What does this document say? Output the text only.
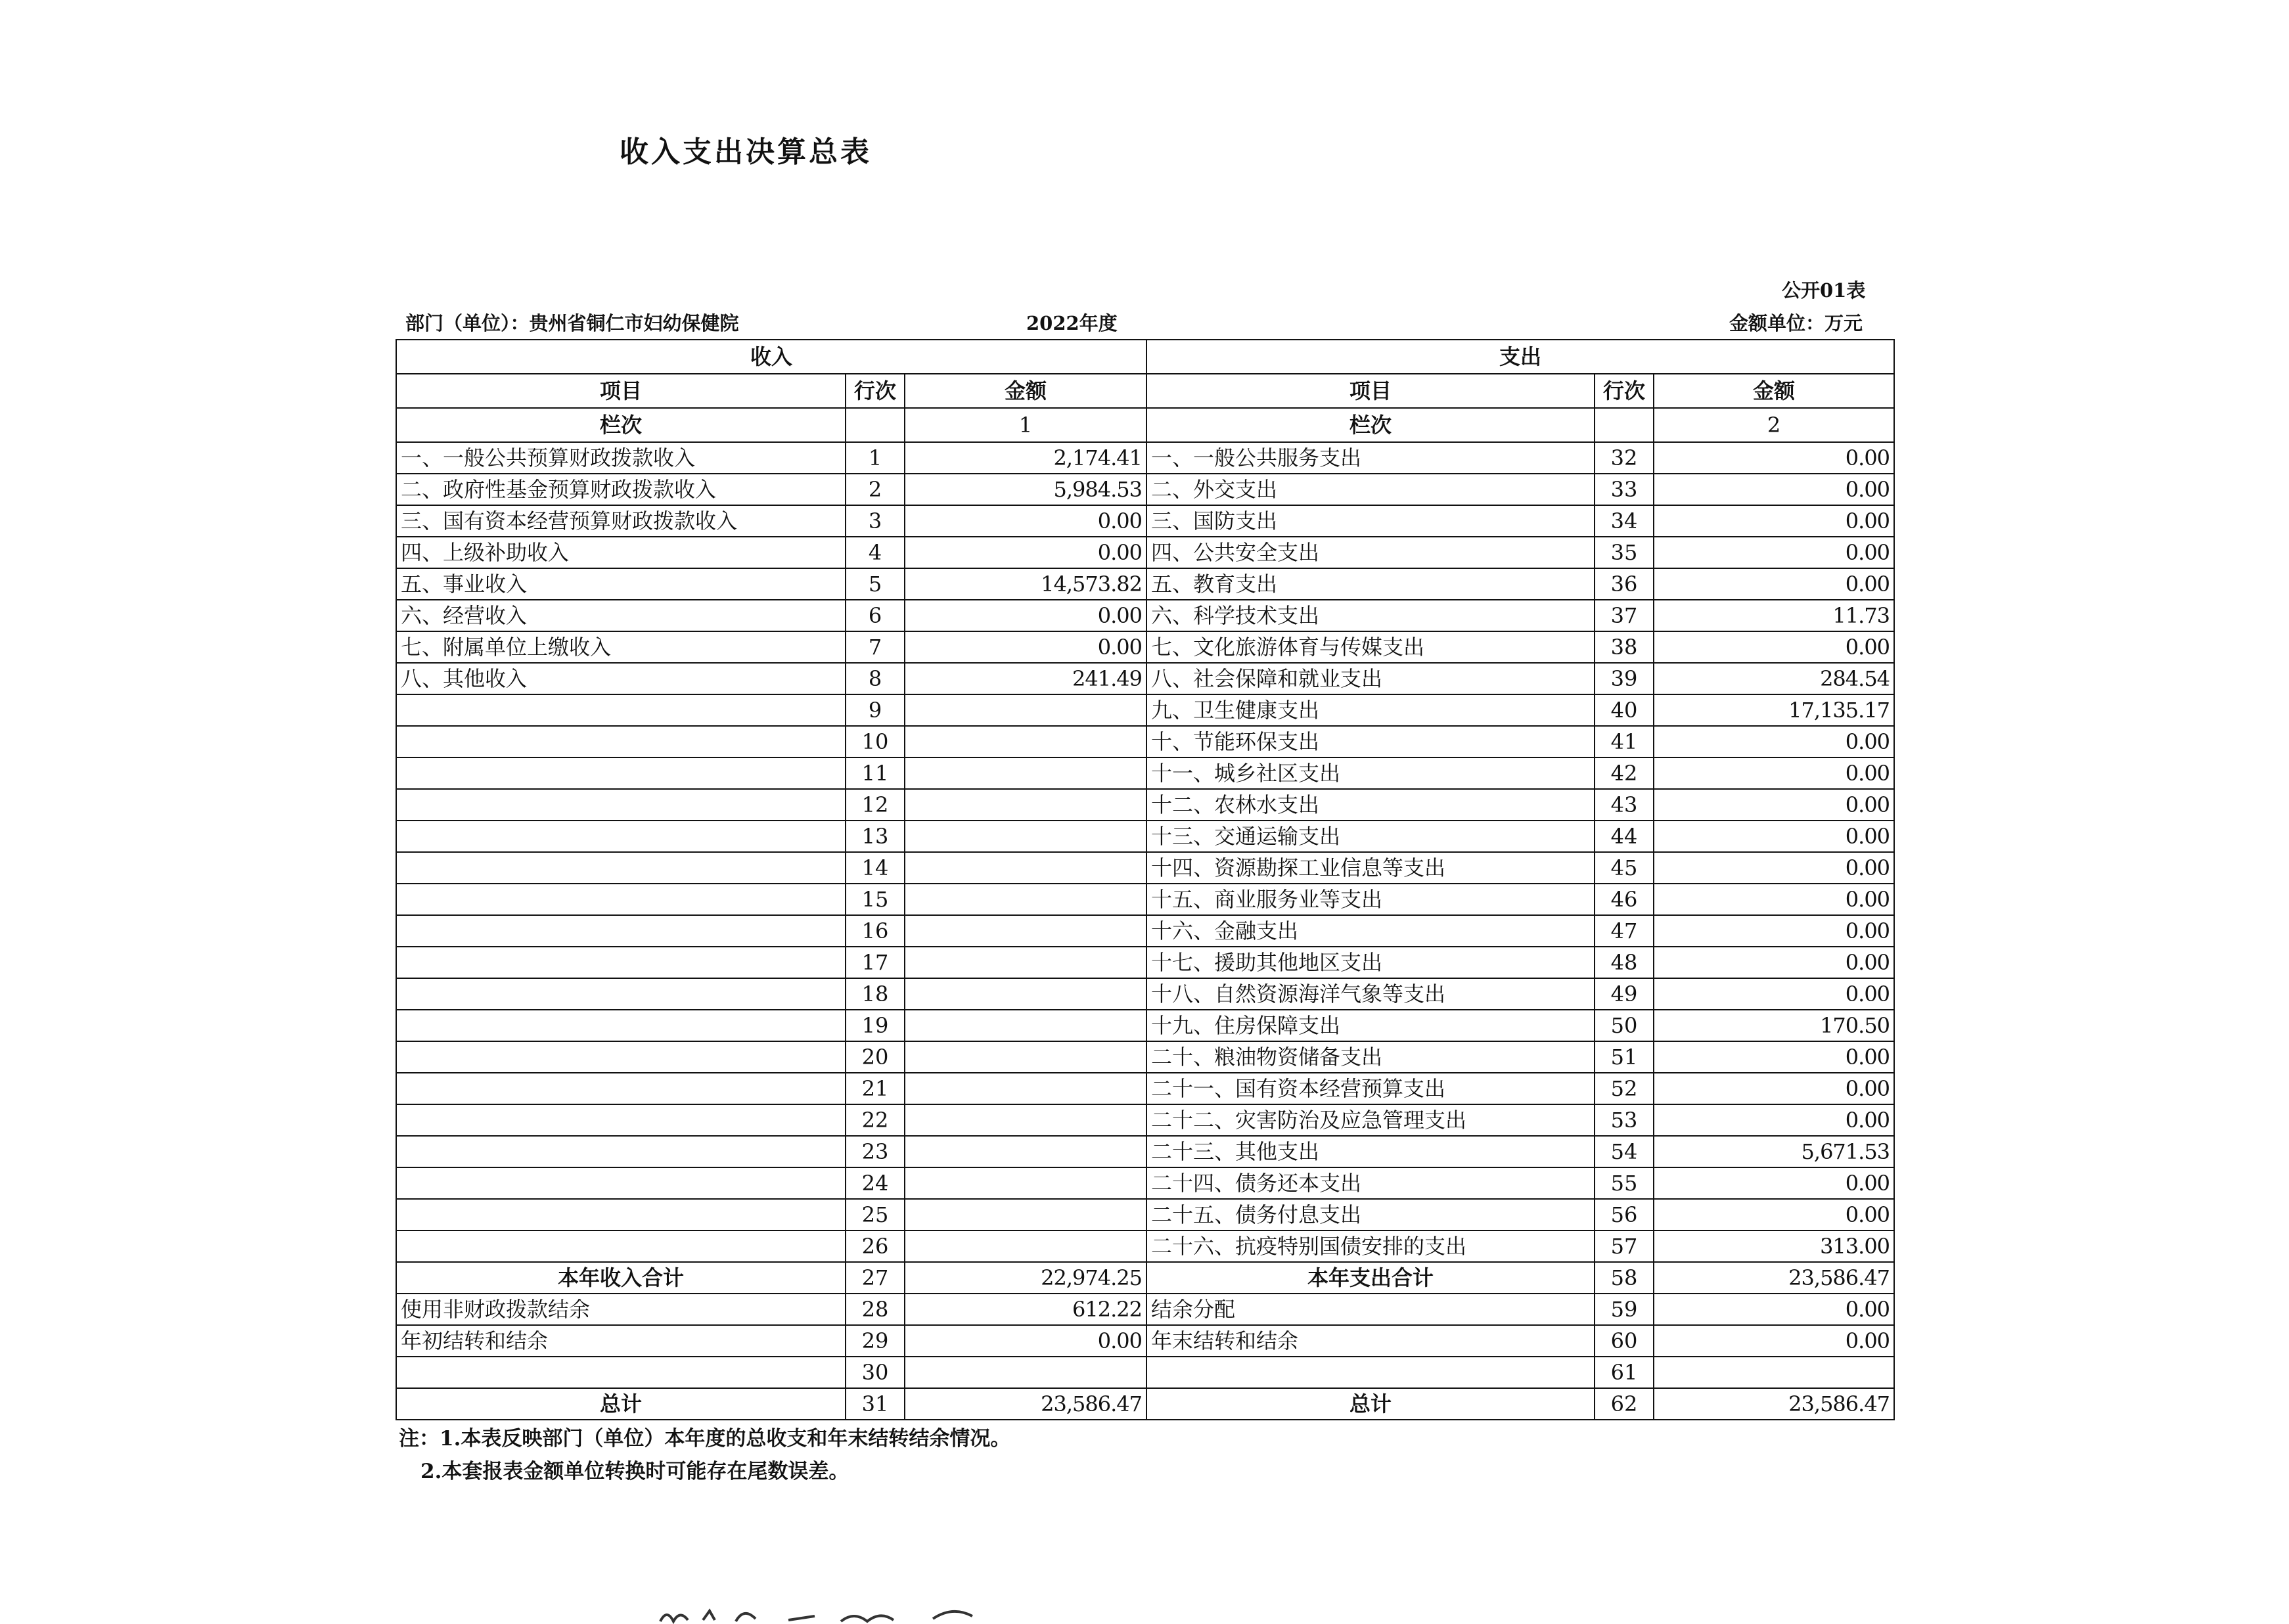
收入支出决算总表
公开01表
部门（单位）：贵州省铜仁市妇幼保健院	2022年度	金额单位：万元
收入			支出		
项目	行次	金额	项目	行次	金额
栏次		1	栏次		2
一、一般公共预算财政拨款收入	1	2,174.41	一、一般公共服务支出	32	0.00
二、政府性基金预算财政拨款收入	2	5,984.53	二、外交支出	33	0.00
三、国有资本经营预算财政拨款收入	3	0.00	三、国防支出	34	0.00
四、上级补助收入	4	0.00	四、公共安全支出	35	0.00
五、事业收入	5	14,573.82	五、教育支出	36	0.00
六、经营收入	6	0.00	六、科学技术支出	37	11.73
七、附属单位上缴收入	7	0.00	七、文化旅游体育与传媒支出	38	0.00
八、其他收入	8	241.49	八、社会保障和就业支出	39	284.54
	9		九、卫生健康支出	40	17,135.17
	10		十、节能环保支出	41	0.00
	11		十一、城乡社区支出	42	0.00
	12		十二、农林水支出	43	0.00
	13		十三、交通运输支出	44	0.00
	14		十四、资源勘探工业信息等支出	45	0.00
	15		十五、商业服务业等支出	46	0.00
	16		十六、金融支出	47	0.00
	17		十七、援助其他地区支出	48	0.00
	18		十八、自然资源海洋气象等支出	49	0.00
	19		十九、住房保障支出	50	170.50
	20		二十、粮油物资储备支出	51	0.00
	21		二十一、国有资本经营预算支出	52	0.00
	22		二十二、灾害防治及应急管理支出	53	0.00
	23		二十三、其他支出	54	5,671.53
	24		二十四、债务还本支出	55	0.00
	25		二十五、债务付息支出	56	0.00
	26		二十六、抗疫特别国债安排的支出	57	313.00
本年收入合计	27	22,974.25	本年支出合计	58	23,586.47
使用非财政拨款结余	28	612.22	结余分配	59	0.00
年初结转和结余	29	0.00	年末结转和结余	60	0.00
	30			61	
总计	31	23,586.47	总计	62	23,586.47
注：1.本表反映部门（单位）本年度的总收支和年末结转结余情况。
2.本套报表金额单位转换时可能存在尾数误差。
